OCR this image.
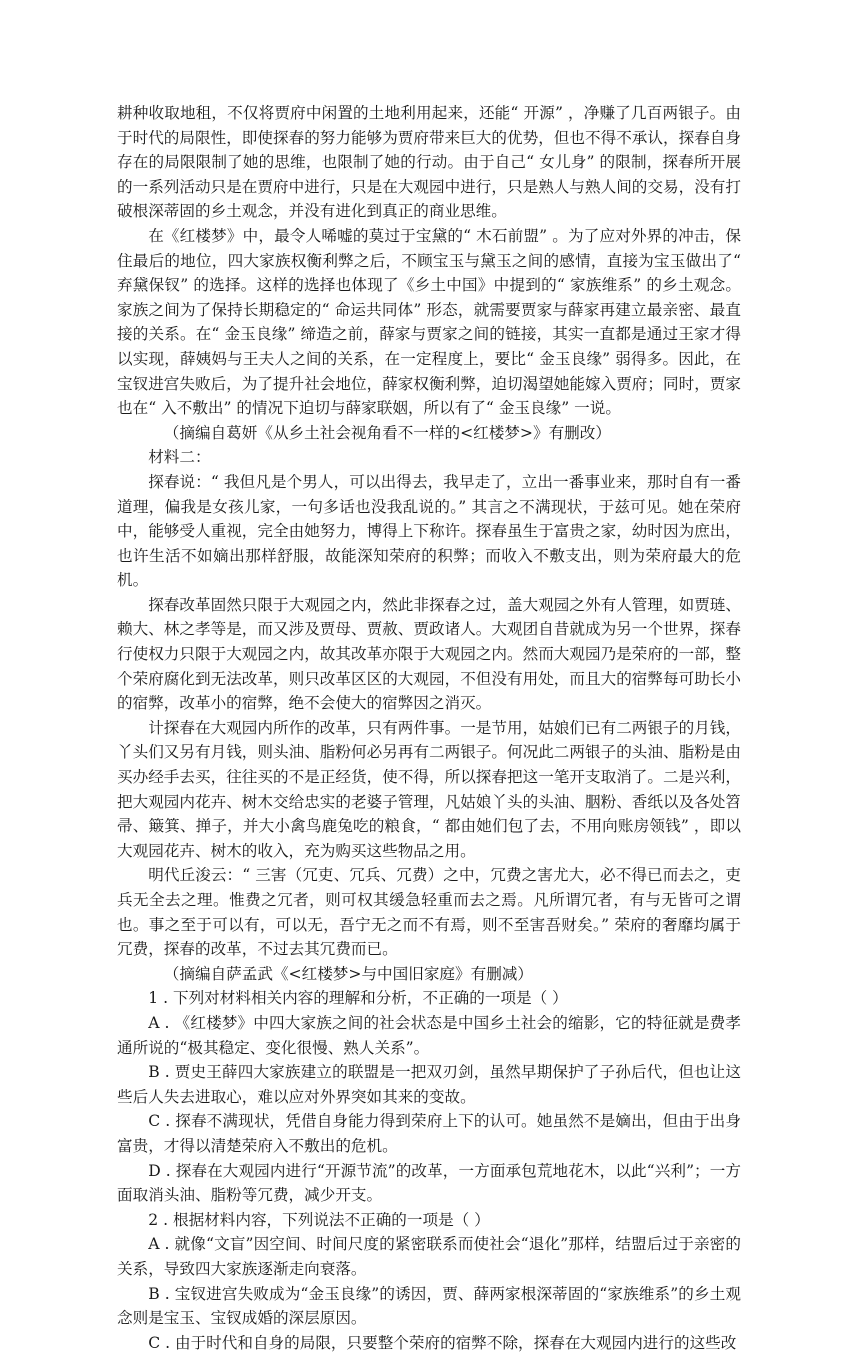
耕种收取地租，不仅将贾府中闲置的土地利用起来，还能“ 开源” ，净赚了几百两银子。由于时代的局限性，即使探春的努力能够为贾府带来巨大的优势，但也不得不承认，探春自身存在的局限限制了她的思维，也限制了她的行动。由于自己“ 女儿身” 的限制，探春所开展的一系列活动只是在贾府中进行，只是在大观园中进行，只是熟人与熟人间的交易，没有打破根深蒂固的乡土观念，并没有进化到真正的商业思维。

在《红楼梦》中，最令人唏嘘的莫过于宝黛的“ 木石前盟” 。为了应对外界的冲击，保住最后的地位，四大家族权衡利弊之后，不顾宝玉与黛玉之间的感情，直接为宝玉做出了“ 弃黛保钗” 的选择。这样的选择也体现了《乡土中国》中提到的“ 家族维系” 的乡土观念。家族之间为了保持长期稳定的“ 命运共同体” 形态，就需要贾家与薛家再建立最亲密、最直接的关系。在“ 金玉良缘” 缔造之前，薛家与贾家之间的链接，其实一直都是通过王家才得以实现，薛姨妈与王夫人之间的关系，在一定程度上，要比“ 金玉良缘” 弱得多。因此，在宝钗进宫失败后，为了提升社会地位，薛家权衡利弊，迫切渴望她能嫁入贾府；同时，贾家也在“ 入不敷出” 的情况下迫切与薛家联姻，所以有了“ 金玉良缘” 一说。

（摘编自葛妍《从乡土社会视角看不一样的<红楼梦>》有删改）

材料二：

探春说：“ 我但凡是个男人，可以出得去，我早走了，立出一番事业来，那时自有一番道理，偏我是女孩儿家，一句多话也没我乱说的。” 其言之不满现状，于兹可见。她在荣府中，能够受人重视，完全由她努力，博得上下称许。探春虽生于富贵之家，幼时因为庶出，也许生活不如嫡出那样舒服，故能深知荣府的积弊；而收入不敷支出，则为荣府最大的危机。

探春改革固然只限于大观园之内，然此非探春之过，盖大观园之外有人管理，如贾琏、赖大、林之孝等是，而又涉及贾母、贾赦、贾政诸人。大观团自昔就成为另一个世界，探春行使权力只限于大观园之内，故其改革亦限于大观园之内。然而大观园乃是荣府的一部，整个荣府腐化到无法改革，则只改革区区的大观园，不但没有用处，而且大的宿弊每可助长小的宿弊，改革小的宿弊，绝不会使大的宿弊因之消灭。

计探春在大观园内所作的改革，只有两件事。一是节用，姑娘们已有二两银子的月钱，丫头们又另有月钱，则头油、脂粉何必另再有二两银子。何况此二两银子的头油、脂粉是由买办经手去买，往往买的不是正经货，使不得，所以探春把这一笔开支取消了。二是兴利，把大观园内花卉、树木交给忠实的老婆子管理，凡姑娘丫头的头油、胭粉、香纸以及各处笤帚、簸箕、掸子，并大小禽鸟鹿兔吃的粮食，“ 都由她们包了去，不用向账房领钱” ，即以大观园花卉、树木的收入，充为购买这些物品之用。

明代丘浚云：“ 三害（冗吏、冗兵、冗费）之中，冗费之害尤大，必不得已而去之，吏兵无全去之理。惟费之冗者，则可权其缓急轻重而去之焉。凡所谓冗者，有与无皆可之谓也。事之至于可以有，可以无，吾宁无之而不有焉，则不至害吾财矣。” 荣府的奢靡均属于冗费，探春的改革，不过去其冗费而已。

（摘编自萨孟武《<红楼梦>与中国旧家庭》有删减）

1 . 下列对材料相关内容的理解和分析，不正确的一项是（ ）

A . 《红楼梦》中四大家族之间的社会状态是中国乡土社会的缩影，它的特征就是费孝通所说的“极其稳定、变化很慢、熟人关系”。

B . 贾史王薛四大家族建立的联盟是一把双刃剑，虽然早期保护了子孙后代，但也让这些后人失去进取心，难以应对外界突如其来的变故。

C . 探春不满现状，凭借自身能力得到荣府上下的认可。她虽然不是嫡出，但由于出身富贵，才得以清楚荣府入不敷出的危机。

D . 探春在大观园内进行“开源节流”的改革，一方面承包荒地花木，以此“兴利”；一方面取消头油、脂粉等冗费，减少开支。

2 . 根据材料内容，下列说法不正确的一项是（ ）

A . 就像“文盲”因空间、时间尺度的紧密联系而使社会“退化”那样，结盟后过于亲密的关系，导致四大家族逐渐走向衰落。

B . 宝钗进宫失败成为“金玉良缘”的诱因，贾、薛两家根深蒂固的“家族维系”的乡土观念则是宝玉、宝钗成婚的深层原因。

C . 由于时代和自身的局限，只要整个荣府的宿弊不除，探春在大观园内进行的这些改
